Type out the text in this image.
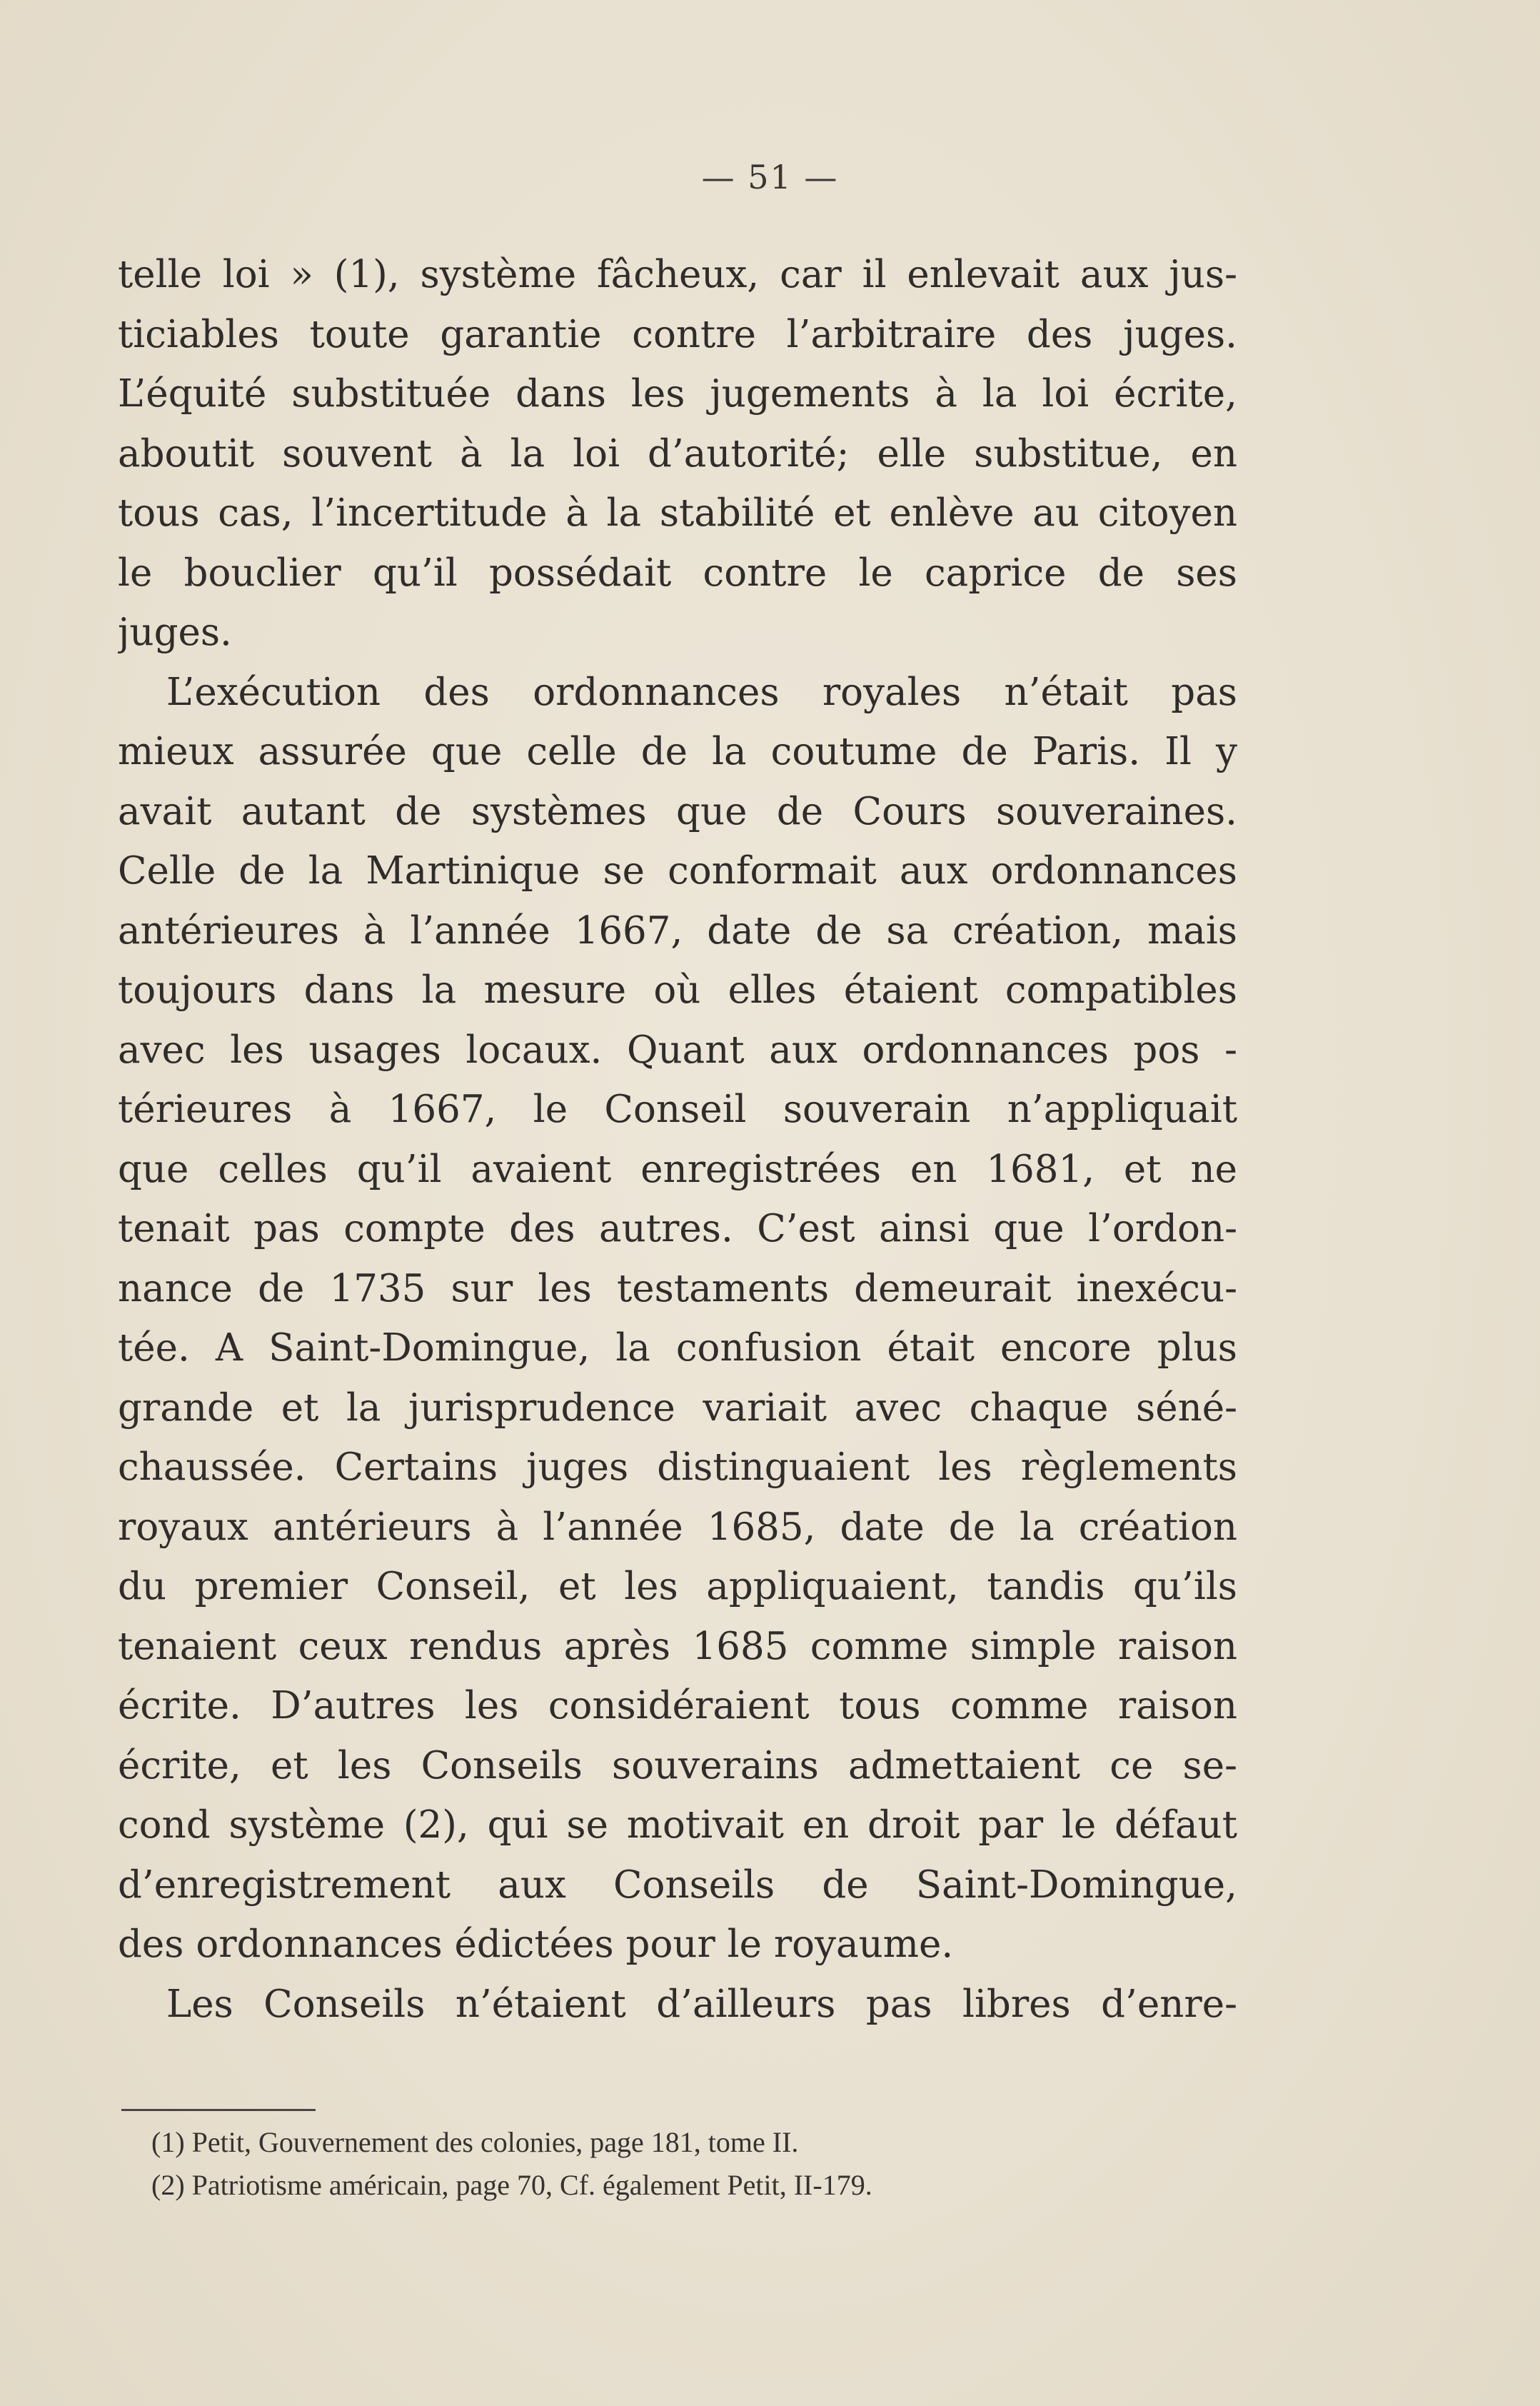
— 51 —
telle loi » (1), système fâcheux, car il enlevait aux jus-
ticiables toute garantie contre l’arbitraire des juges.
L’équité substituée dans les jugements à la loi écrite,
aboutit souvent à la loi d’autorité; elle substitue, en
tous cas, l’incertitude à la stabilité et enlève au citoyen
le bouclier qu’il possédait contre le caprice de ses
juges.
L’exécution des ordonnances royales n’était pas
mieux assurée que celle de la coutume de Paris. Il y
avait autant de systèmes que de Cours souveraines.
Celle de la Martinique se conformait aux ordonnances
antérieures à l’année 1667, date de sa création, mais
toujours dans la mesure où elles étaient compatibles
avec les usages locaux. Quant aux ordonnances pos -
térieures à 1667, le Conseil souverain n’appliquait
que celles qu’il avaient enregistrées en 1681, et ne
tenait pas compte des autres. C’est ainsi que l’ordon-
nance de 1735 sur les testaments demeurait inexécu-
tée. A Saint-Domingue, la confusion était encore plus
grande et la jurisprudence variait avec chaque séné-
chaussée. Certains juges distinguaient les règlements
royaux antérieurs à l’année 1685, date de la création
du premier Conseil, et les appliquaient, tandis qu’ils
tenaient ceux rendus après 1685 comme simple raison
écrite. D’autres les considéraient tous comme raison
écrite, et les Conseils souverains admettaient ce se-
cond système (2), qui se motivait en droit par le défaut
d’enregistrement aux Conseils de Saint-Domingue,
des ordonnances édictées pour le royaume.
Les Conseils n’étaient d’ailleurs pas libres d’enre-
(1) Petit, Gouvernement des colonies, page 181, tome II.
(2) Patriotisme américain, page 70, Cf. également Petit, II-179.
